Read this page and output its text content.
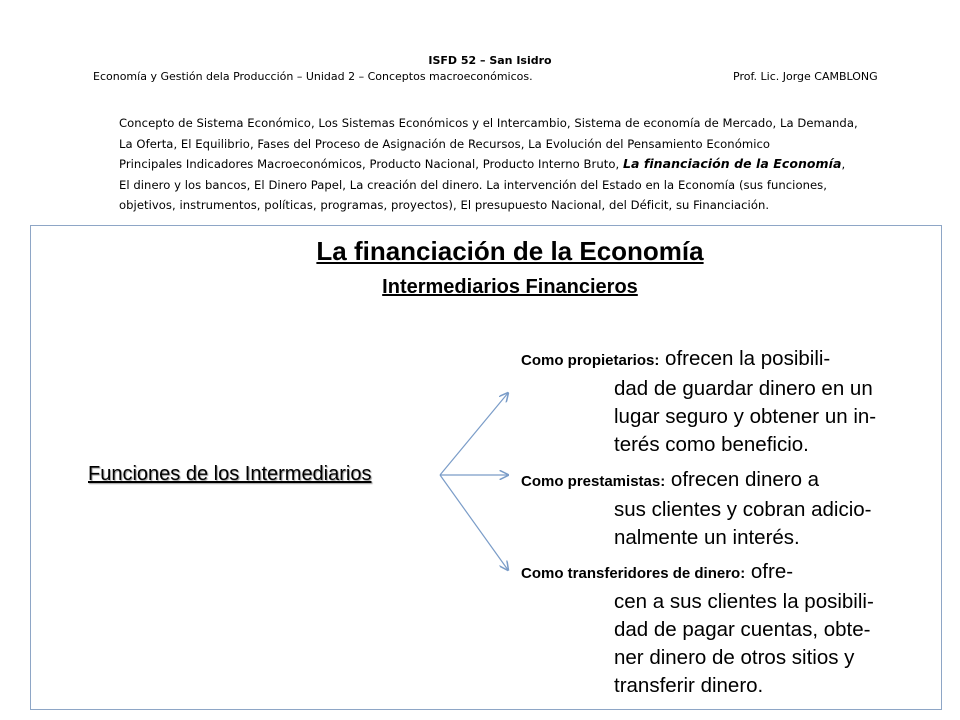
ISFD 52 – San Isidro
Economía y Gestión dela Producción – Unidad 2 – Conceptos macroeconómicos.	Prof. Lic. Jorge CAMBLONG
Concepto de Sistema Económico, Los Sistemas Económicos y el Intercambio, Sistema de economía de Mercado, La Demanda,
La Oferta, El Equilibrio, Fases del Proceso de Asignación de Recursos, La Evolución del Pensamiento Económico
Principales Indicadores Macroeconómicos, Producto Nacional, Producto Interno Bruto, La financiación de la Economía,
El dinero y los bancos, El Dinero Papel, La creación del dinero. La intervención del Estado en la Economía (sus funciones,
objetivos, instrumentos, políticas, programas, proyectos), El presupuesto Nacional, del Déficit, su Financiación.
La financiación de la Economía
Intermediarios Financieros
Funciones de los Intermediarios
Como propietarios: ofrecen la posibili-
dad de guardar dinero en un
lugar seguro y obtener un in-
terés como beneficio.
Como prestamistas: ofrecen dinero a
sus clientes y cobran adicio-
nalmente un interés.
Como transferidores de dinero: ofre-
cen a sus clientes la posibili-
dad de pagar cuentas, obte-
ner dinero de otros sitios y
transferir dinero.
